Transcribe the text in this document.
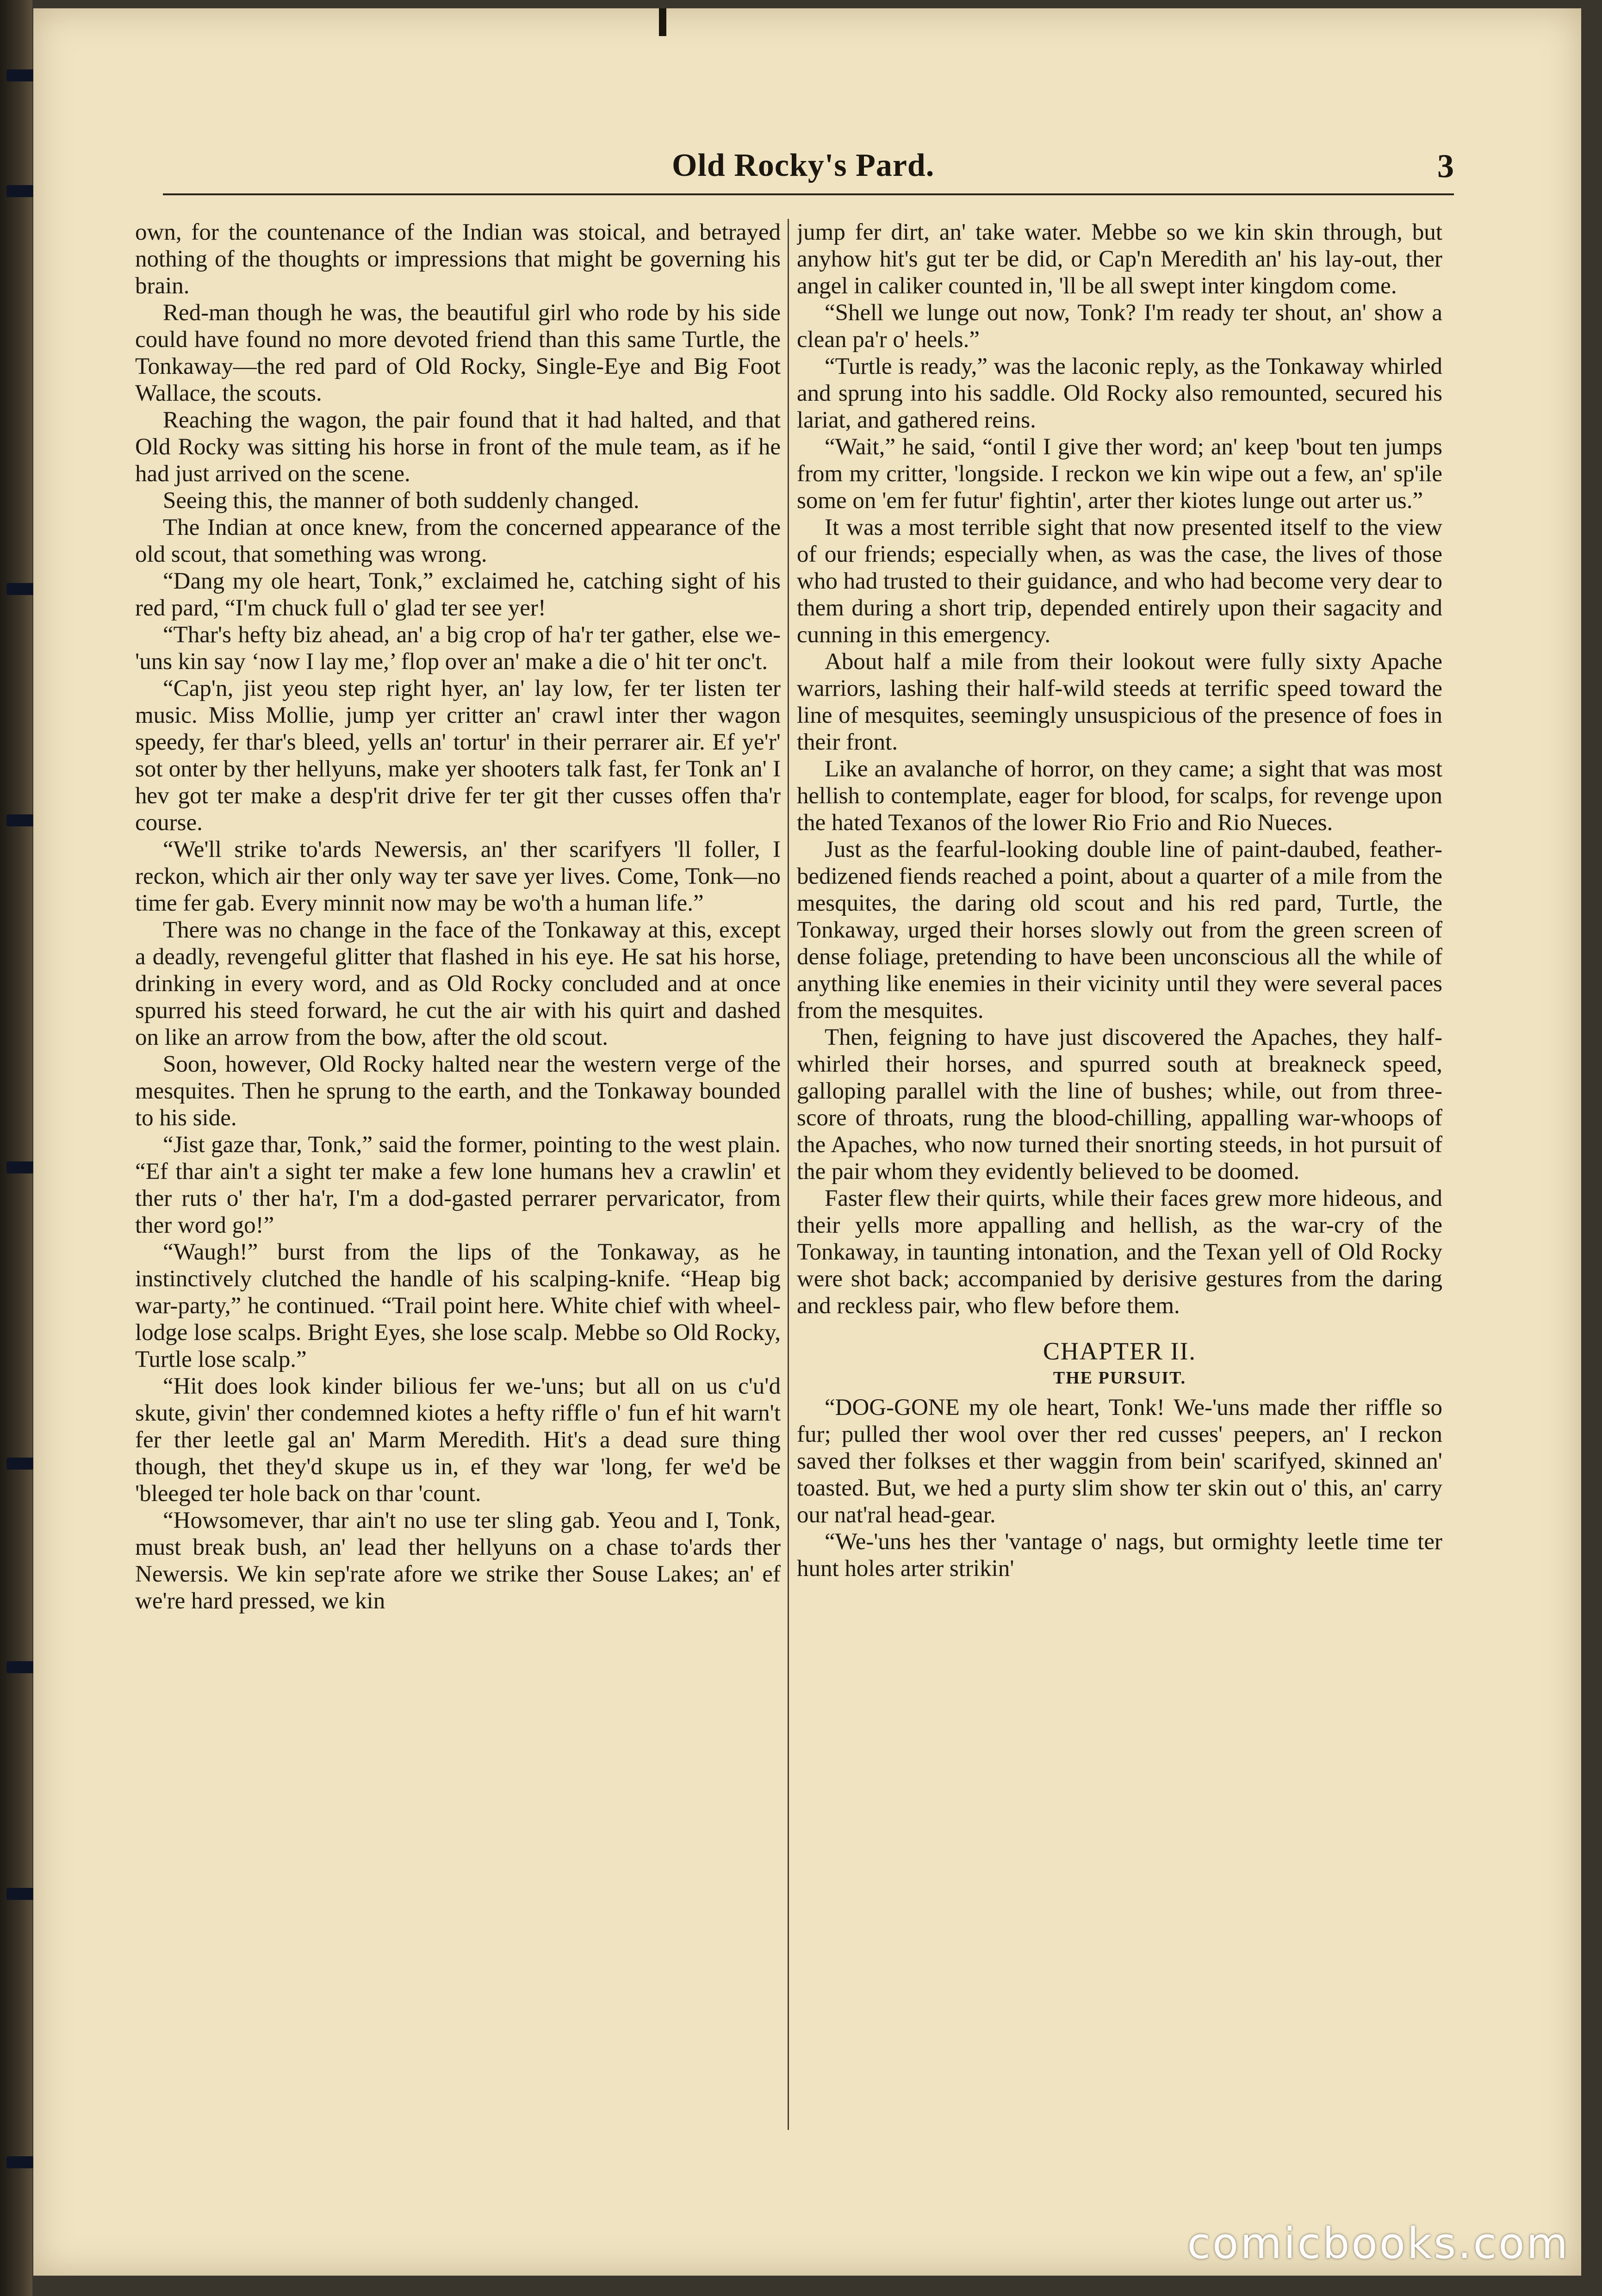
Old Rocky's Pard.	3

own, for the countenance of the Indian was stoical, and betrayed nothing of the thoughts or impressions that might be governing his brain.

Red-man though he was, the beautiful girl who rode by his side could have found no more devoted friend than this same Turtle, the Tonkaway—the red pard of Old Rocky, Single-Eye and Big Foot Wallace, the scouts.

Reaching the wagon, the pair found that it had halted, and that Old Rocky was sitting his horse in front of the mule team, as if he had just arrived on the scene.

Seeing this, the manner of both suddenly changed.

The Indian at once knew, from the concerned appearance of the old scout, that something was wrong.

“Dang my ole heart, Tonk,” exclaimed he, catching sight of his red pard, “I'm chuck full o' glad ter see yer!

“Thar's hefty biz ahead, an' a big crop of ha'r ter gather, else we-'uns kin say ‘now I lay me,’ flop over an' make a die o' hit ter onc't.

“Cap'n, jist yeou step right hyer, an' lay low, fer ter listen ter music. Miss Mollie, jump yer critter an' crawl inter ther wagon speedy, fer thar's bleed, yells an' tortur' in their perrarer air. Ef ye'r' sot onter by ther hellyuns, make yer shooters talk fast, fer Tonk an' I hev got ter make a desp'rit drive fer ter git ther cusses offen tha'r course.

“We'll strike to'ards Newersis, an' ther scarifyers 'll foller, I reckon, which air ther only way ter save yer lives. Come, Tonk—no time fer gab. Every minnit now may be wo'th a human life.”

There was no change in the face of the Tonkaway at this, except a deadly, revengeful glitter that flashed in his eye. He sat his horse, drinking in every word, and as Old Rocky concluded and at once spurred his steed forward, he cut the air with his quirt and dashed on like an arrow from the bow, after the old scout.

Soon, however, Old Rocky halted near the western verge of the mesquites. Then he sprung to the earth, and the Tonkaway bounded to his side.

“Jist gaze thar, Tonk,” said the former, pointing to the west plain. “Ef thar ain't a sight ter make a few lone humans hev a crawlin' et ther ruts o' ther ha'r, I'm a dod-gasted perrarer pervaricator, from ther word go!”

“Waugh!” burst from the lips of the Tonkaway, as he instinctively clutched the handle of his scalping-knife. “Heap big war-party,” he continued. “Trail point here. White chief with wheel-lodge lose scalps. Bright Eyes, she lose scalp. Mebbe so Old Rocky, Turtle lose scalp.”

“Hit does look kinder bilious fer we-'uns; but all on us c'u'd skute, givin' ther condemned kiotes a hefty riffle o' fun ef hit warn't fer ther leetle gal an' Marm Meredith. Hit's a dead sure thing though, thet they'd skupe us in, ef they war 'long, fer we'd be 'bleeged ter hole back on thar 'count.

“Howsomever, thar ain't no use ter sling gab. Yeou and I, Tonk, must break bush, an' lead ther hellyuns on a chase to'ards ther Newersis. We kin sep'rate afore we strike ther Souse Lakes; an' ef we're hard pressed, we kin

jump fer dirt, an' take water. Mebbe so we kin skin through, but anyhow hit's gut ter be did, or Cap'n Meredith an' his lay-out, ther angel in caliker counted in, 'll be all swept inter kingdom come.

“Shell we lunge out now, Tonk? I'm ready ter shout, an' show a clean pa'r o' heels.”

“Turtle is ready,” was the laconic reply, as the Tonkaway whirled and sprung into his saddle. Old Rocky also remounted, secured his lariat, and gathered reins.

“Wait,” he said, “ontil I give ther word; an' keep 'bout ten jumps from my critter, 'longside. I reckon we kin wipe out a few, an' sp'ile some on 'em fer futur' fightin', arter ther kiotes lunge out arter us.”

It was a most terrible sight that now presented itself to the view of our friends; especially when, as was the case, the lives of those who had trusted to their guidance, and who had become very dear to them during a short trip, depended entirely upon their sagacity and cunning in this emergency.

About half a mile from their lookout were fully sixty Apache warriors, lashing their half-wild steeds at terrific speed toward the line of mesquites, seemingly unsuspicious of the presence of foes in their front.

Like an avalanche of horror, on they came; a sight that was most hellish to contemplate, eager for blood, for scalps, for revenge upon the hated Texanos of the lower Rio Frio and Rio Nueces.

Just as the fearful-looking double line of paint-daubed, feather-bedizened fiends reached a point, about a quarter of a mile from the mesquites, the daring old scout and his red pard, Turtle, the Tonkaway, urged their horses slowly out from the green screen of dense foliage, pretending to have been unconscious all the while of anything like enemies in their vicinity until they were several paces from the mesquites.

Then, feigning to have just discovered the Apaches, they half-whirled their horses, and spurred south at breakneck speed, galloping parallel with the line of bushes; while, out from three-score of throats, rung the blood-chilling, appalling war-whoops of the Apaches, who now turned their snorting steeds, in hot pursuit of the pair whom they evidently believed to be doomed.

Faster flew their quirts, while their faces grew more hideous, and their yells more appalling and hellish, as the war-cry of the Tonkaway, in taunting intonation, and the Texan yell of Old Rocky were shot back; accompanied by derisive gestures from the daring and reckless pair, who flew before them.

CHAPTER II.
THE PURSUIT.

“DOG-GONE my ole heart, Tonk! We-'uns made ther riffle so fur; pulled ther wool over ther red cusses' peepers, an' I reckon saved ther folkses et ther waggin from bein' scarifyed, skinned an' toasted. But, we hed a purty slim show ter skin out o' this, an' carry our nat'ral head-gear.

“We-'uns hes ther 'vantage o' nags, but ormighty leetle time ter hunt holes arter strikin'

comicbooks.com
